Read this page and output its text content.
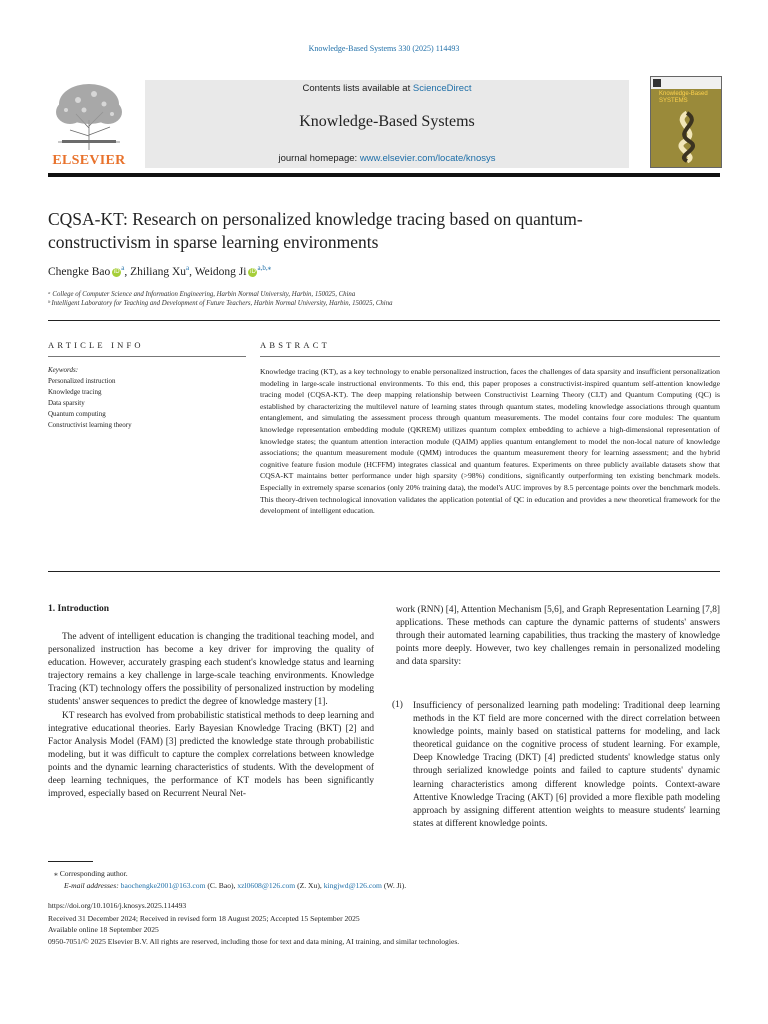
Knowledge-Based Systems 330 (2025) 114493
ELSEVIER
Contents lists available at ScienceDirect
Knowledge-Based Systems
journal homepage: www.elsevier.com/locate/knosys
Knowledge-Based SYSTEMS
CQSA-KT: Research on personalized knowledge tracing based on quantum-constructivism in sparse learning environments
Chengke Bao iD $^a$, Zhiliang Xu$^a$, Weidong Ji iD $^{a,b,⁎}$
ᵃ College of Computer Science and Information Engineering, Harbin Normal University, Harbin, 150025, China
ᵇ Intelligent Laboratory for Teaching and Development of Future Teachers, Harbin Normal University, Harbin, 150025, China
ARTICLE INFO
Keywords:
Personalized instruction
Knowledge tracing
Data sparsity
Quantum computing
Constructivist learning theory
ABSTRACT
Knowledge tracing (KT), as a key technology to enable personalized instruction, faces the challenges of data sparsity and insufficient personalization modeling in large-scale instructional environments. To this end, this paper proposes a constructivist-inspired quantum self-attention knowledge tracing model (CQSA-KT). The deep mapping relationship between Constructivist Learning Theory (CLT) and Quantum Computing (QC) is established by characterizing the multilevel nature of learning states through quantum states, modeling knowledge associations through quantum entanglement, and simulating the assessment process through quantum measurements. The model contains four core modules: The quantum knowledge representation embedding module (QKREM) utilizes quantum complex embedding to achieve a high-dimensional representation of knowledge states; the quantum attention interaction module (QAIM) applies quantum entanglement to model the non-local nature of knowledge associations; the quantum measurement module (QMM) introduces the quantum measurement theory for learning assessment; and the hybrid cognitive feature fusion module (HCFFM) integrates classical and quantum features. Experiments on three publicly available datasets show that CQSA-KT maintains better performance under high sparsity (>98%) conditions, significantly outperforming ten existing benchmark models. Especially in extremely sparse scenarios (only 20% training data), the model's AUC improves by 8.5 percentage points over the benchmark models. This theory-driven technological innovation validates the application potential of QC in education and provides a new theoretical framework for the development of intelligent education.
1. Introduction

The advent of intelligent education is changing the traditional teaching model, and personalized instruction has become a key driver for improving the quality of education. However, accurately grasping each student's knowledge status and learning trajectory remains a key challenge in large-scale teaching environments. Knowledge Tracing (KT) technology offers the possibility of personalized instruction by modeling students' answer sequences to predict the degree of knowledge mastery [1].

KT research has evolved from probabilistic statistical methods to deep learning and integrative educational theories. Early Bayesian Knowledge Tracing (BKT) [2] and Factor Analysis Model (FAM) [3] predicted the knowledge state through probabilistic modeling, but it was difficult to capture the complex correlations between knowledge points and the dynamic learning characteristics of students. With the development of deep learning techniques, the performance of KT models has been significantly improved, especially based on Recurrent Neural Net-

work (RNN) [4], Attention Mechanism [5,6], and Graph Representation Learning [7,8] applications. These methods can capture the dynamic patterns of students' answers through their automated learning capabilities, thus tracking the mastery of knowledge points more deeply. However, two key challenges remain in personalized modeling and data sparsity:

(1) Insufficiency of personalized learning path modeling: Traditional deep learning methods in the KT field are more concerned with the direct correlation between knowledge points, mainly based on statistical patterns for modeling, and lack theoretical guidance on the cognitive process of student learning. For example, Deep Knowledge Tracing (DKT) [4] predicted students' knowledge status only through serialized knowledge points and failed to capture students' dynamic learning characteristics among different knowledge points. Context-aware Attentive Knowledge Tracing (AKT) [6] provided a more flexible path modeling approach by assigning different attention weights to measure students' learning states at different knowledge points.
⁎ Corresponding author.
E-mail addresses: baochengke2001@163.com (C. Bao), xzl0608@126.com (Z. Xu), kingjwd@126.com (W. Ji).
https://doi.org/10.1016/j.knosys.2025.114493
Received 31 December 2024; Received in revised form 18 August 2025; Accepted 15 September 2025
Available online 18 September 2025
0950-7051/© 2025 Elsevier B.V. All rights are reserved, including those for text and data mining, AI training, and similar technologies.
